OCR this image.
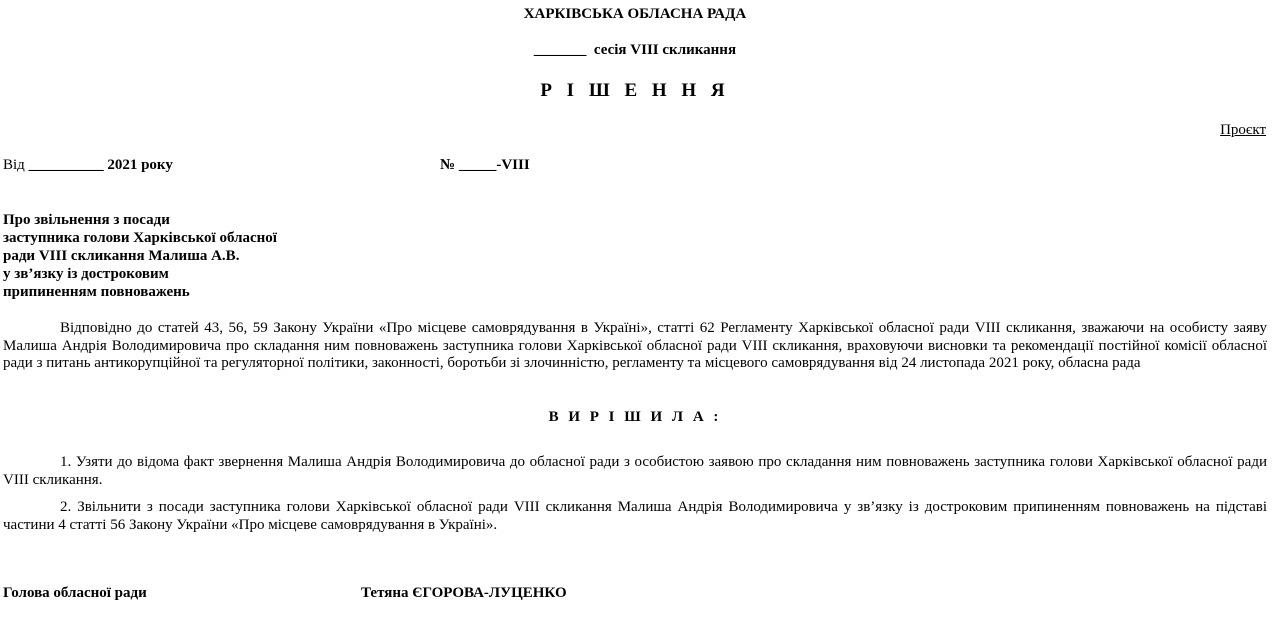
ХАРКІВСЬКА ОБЛАСНА РАДА
_______ сесія VIII скликання
Р І Ш Е Н Н Я
Проєкт
Від __________ 2021 року	№ _____-VIII
Про звільнення з посади
заступника голови Харківської обласної
ради VIII скликання Малиша А.В.
у зв’язку із достроковим
припиненням повноважень
Відповідно до статей 43, 56, 59 Закону України «Про місцеве самоврядування в Україні», статті 62 Регламенту Харківської обласної ради VIII скликання, зважаючи на особисту заяву Малиша Андрія Володимировича про складання ним повноважень заступника голови Харківської обласної ради VIII скликання, враховуючи висновки та рекомендації постійної комісії обласної ради з питань антикорупційної та регуляторної політики, законності, боротьби зі злочинністю, регламенту та місцевого самоврядування від 24 листопада 2021 року, обласна рада
В И Р І Ш И Л А :
1. Узяти до відома факт звернення Малиша Андрія Володимировича до обласної ради з особистою заявою про складання ним повноважень заступника голови Харківської обласної ради VIII скликання.
2. Звільнити з посади заступника голови Харківської обласної ради VIII скликання Малиша Андрія Володимировича у зв’язку із достроковим припиненням повноважень на підставі частини 4 статті 56 Закону України «Про місцеве самоврядування в Україні».
Голова обласної ради	Тетяна ЄГОРОВА-ЛУЦЕНКО
